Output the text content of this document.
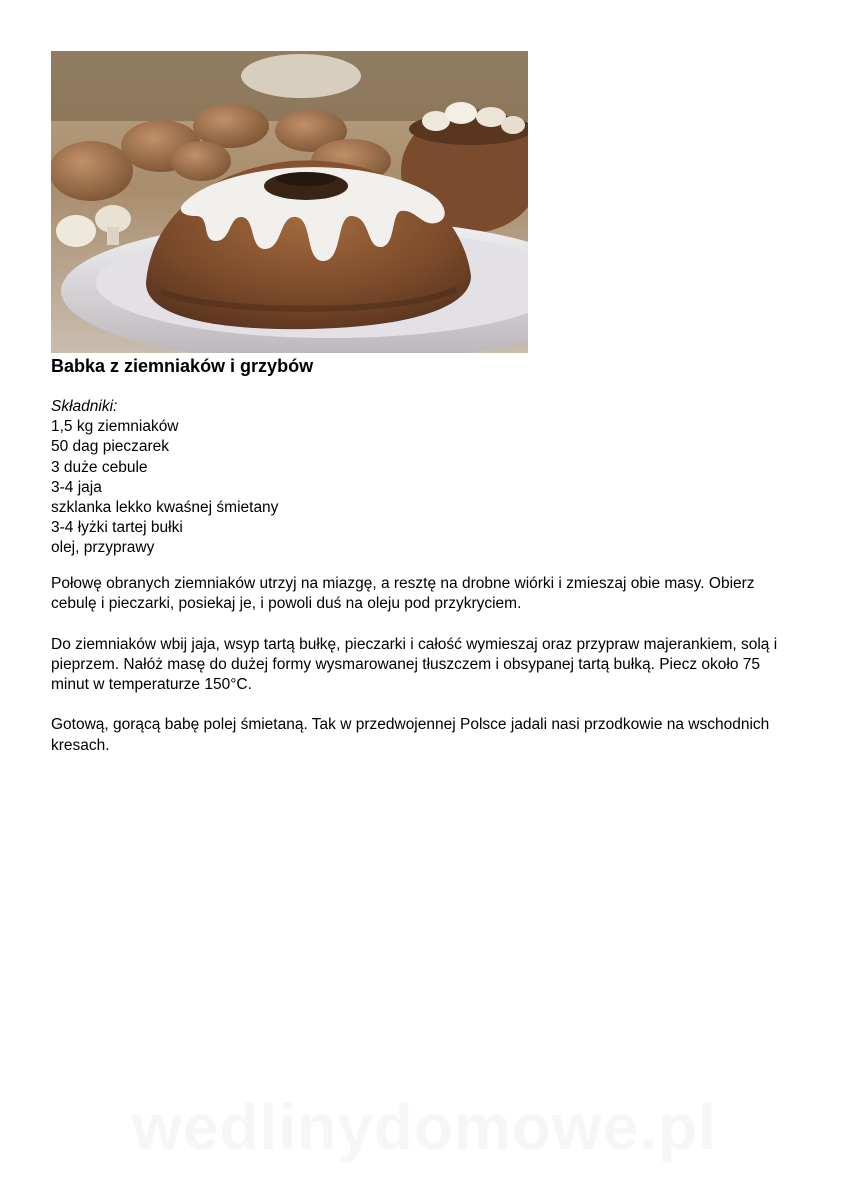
Babka z ziemniaków i grzybów
Składniki:
1,5 kg ziemniaków
50 dag pieczarek
3 duże cebule
3-4 jaja
szklanka lekko kwaśnej śmietany
3-4 łyżki tartej bułki
olej, przyprawy

Połowę obranych ziemniaków utrzyj na miazgę, a resztę na drobne wiórki i zmieszaj obie masy. Obierz cebulę i pieczarki, posiekaj je, i powoli duś na oleju pod przykryciem.

Do ziemniaków wbij jaja, wsyp tartą bułkę, pieczarki i całość wymieszaj oraz przypraw majerankiem, solą i pieprzem. Nałóż masę do dużej formy wysmarowanej tłuszczem i obsypanej tartą bułką. Piecz około 75 minut w temperaturze 150°C.

Gotową, gorącą babę polej śmietaną. Tak w przedwojennej Polsce jadali nasi przodkowie na wschodnich kresach.

wedlinydomowe.pl
